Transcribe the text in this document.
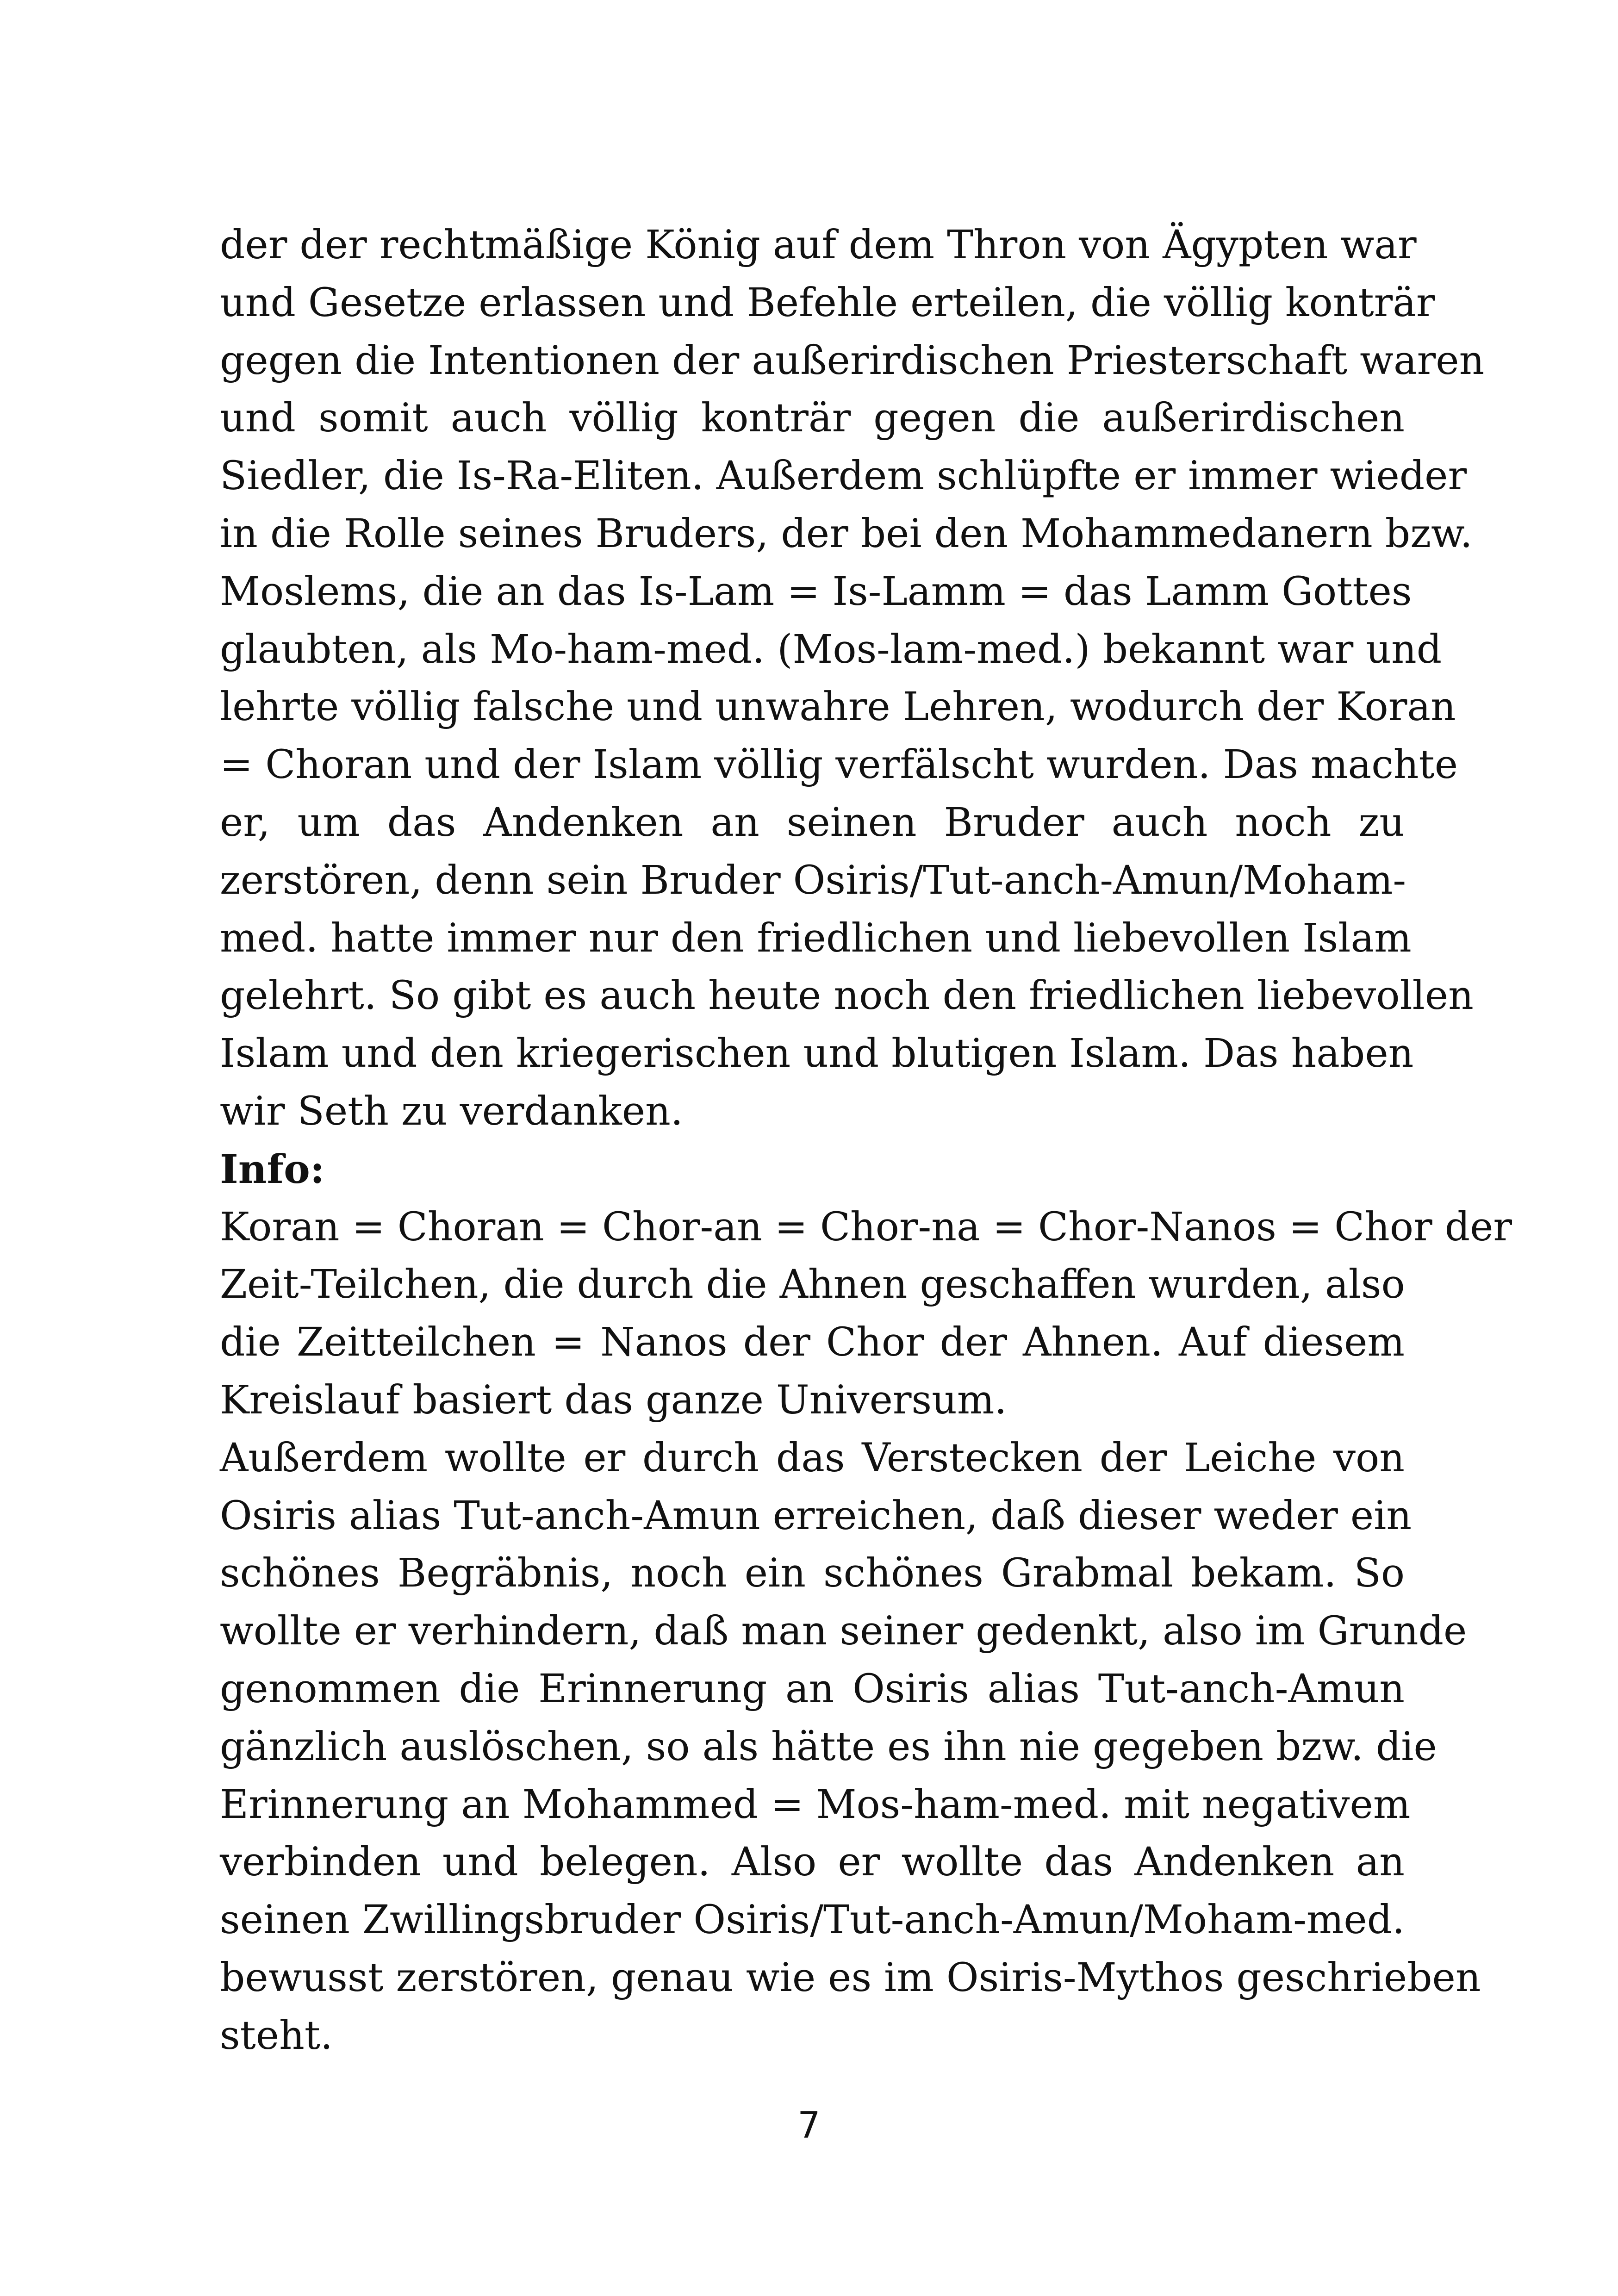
der der rechtmäßige König auf dem Thron von Ägypten war
und Gesetze erlassen und Befehle erteilen, die völlig konträr
gegen die Intentionen der außerirdischen Priesterschaft waren
und somit auch völlig konträr gegen die außerirdischen
Siedler, die Is-Ra-Eliten. Außerdem schlüpfte er immer wieder
in die Rolle seines Bruders, der bei den Mohammedanern bzw.
Moslems, die an das Is-Lam = Is-Lamm = das Lamm Gottes
glaubten, als Mo-ham-med. (Mos-lam-med.) bekannt war und
lehrte völlig falsche und unwahre Lehren, wodurch der Koran
= Choran und der Islam völlig verfälscht wurden. Das machte
er, um das Andenken an seinen Bruder auch noch zu
zerstören, denn sein Bruder Osiris/Tut-anch-Amun/Moham-
med. hatte immer nur den friedlichen und liebevollen Islam
gelehrt. So gibt es auch heute noch den friedlichen liebevollen
Islam und den kriegerischen und blutigen Islam. Das haben
wir Seth zu verdanken.
Info:
Koran = Choran = Chor-an = Chor-na = Chor-Nanos = Chor der
Zeit-Teilchen, die durch die Ahnen geschaffen wurden, also
die Zeitteilchen = Nanos der Chor der Ahnen. Auf diesem
Kreislauf basiert das ganze Universum.
Außerdem wollte er durch das Verstecken der Leiche von
Osiris alias Tut-anch-Amun erreichen, daß dieser weder ein
schönes Begräbnis, noch ein schönes Grabmal bekam. So
wollte er verhindern, daß man seiner gedenkt, also im Grunde
genommen die Erinnerung an Osiris alias Tut-anch-Amun
gänzlich auslöschen, so als hätte es ihn nie gegeben bzw. die
Erinnerung an Mohammed = Mos-ham-med. mit negativem
verbinden und belegen. Also er wollte das Andenken an
seinen Zwillingsbruder Osiris/Tut-anch-Amun/Moham-med.
bewusst zerstören, genau wie es im Osiris-Mythos geschrieben
steht.
7
